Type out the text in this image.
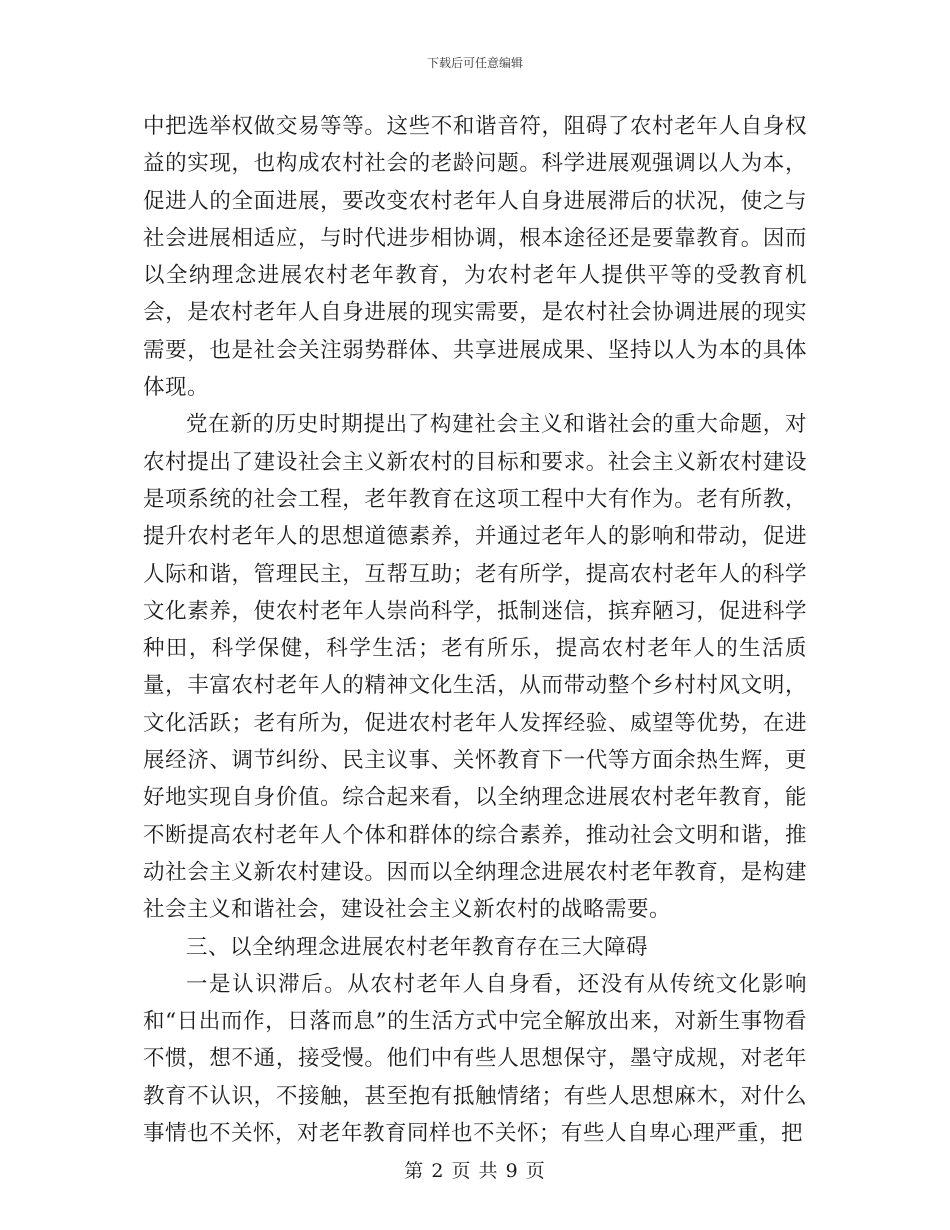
下载后可任意编辑

中把选举权做交易等等。这些不和谐音符，阻碍了农村老年人自身权益的实现，也构成农村社会的老龄问题。科学进展观强调以人为本，促进人的全面进展，要改变农村老年人自身进展滞后的状况，使之与社会进展相适应，与时代进步相协调，根本途径还是要靠教育。因而以全纳理念进展农村老年教育，为农村老年人提供平等的受教育机会，是农村老年人自身进展的现实需要，是农村社会协调进展的现实需要，也是社会关注弱势群体、共享进展成果、坚持以人为本的具体体现。

党在新的历史时期提出了构建社会主义和谐社会的重大命题，对农村提出了建设社会主义新农村的目标和要求。社会主义新农村建设是项系统的社会工程，老年教育在这项工程中大有作为。老有所教，提升农村老年人的思想道德素养，并通过老年人的影响和带动，促进人际和谐，管理民主，互帮互助；老有所学，提高农村老年人的科学文化素养，使农村老年人崇尚科学，抵制迷信，摈弃陋习，促进科学种田，科学保健，科学生活；老有所乐，提高农村老年人的生活质量，丰富农村老年人的精神文化生活，从而带动整个乡村村风文明，文化活跃；老有所为，促进农村老年人发挥经验、威望等优势，在进展经济、调节纠纷、民主议事、关怀教育下一代等方面余热生辉，更好地实现自身价值。综合起来看，以全纳理念进展农村老年教育，能不断提高农村老年人个体和群体的综合素养，推动社会文明和谐，推动社会主义新农村建设。因而以全纳理念进展农村老年教育，是构建社会主义和谐社会，建设社会主义新农村的战略需要。

三、以全纳理念进展农村老年教育存在三大障碍

一是认识滞后。从农村老年人自身看，还没有从传统文化影响和“日出而作，日落而息”的生活方式中完全解放出来，对新生事物看不惯，想不通，接受慢。他们中有些人思想保守，墨守成规，对老年教育不认识，不接触，甚至抱有抵触情绪；有些人思想麻木，对什么事情也不关怀，对老年教育同样也不关怀；有些人自卑心理严重，把

第 2 页 共 9 页
